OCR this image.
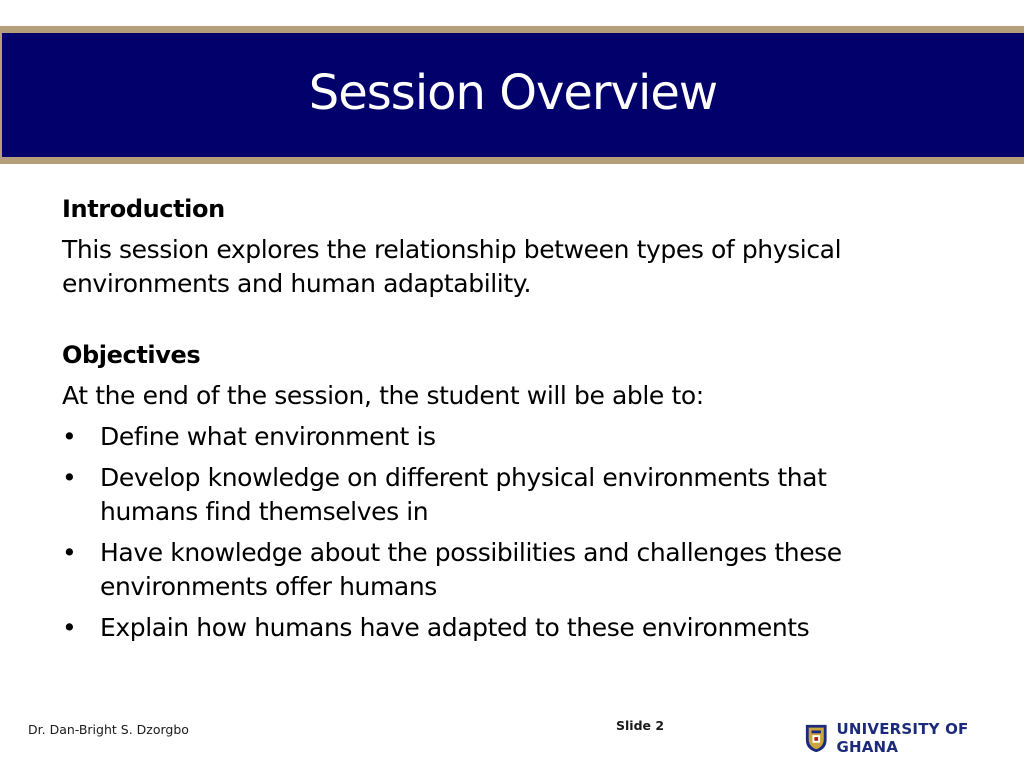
Session Overview

Introduction

This session explores the relationship between types of physical environments and human adaptability.

Objectives

At the end of the session, the student will be able to:

• Define what environment is
• Develop knowledge on different physical environments that humans find themselves in
• Have knowledge about the possibilities and challenges these environments offer humans
• Explain how humans have adapted to these environments
Dr. Dan-Bright S. Dzorgbo	Slide 2	UNIVERSITY OF GHANA
